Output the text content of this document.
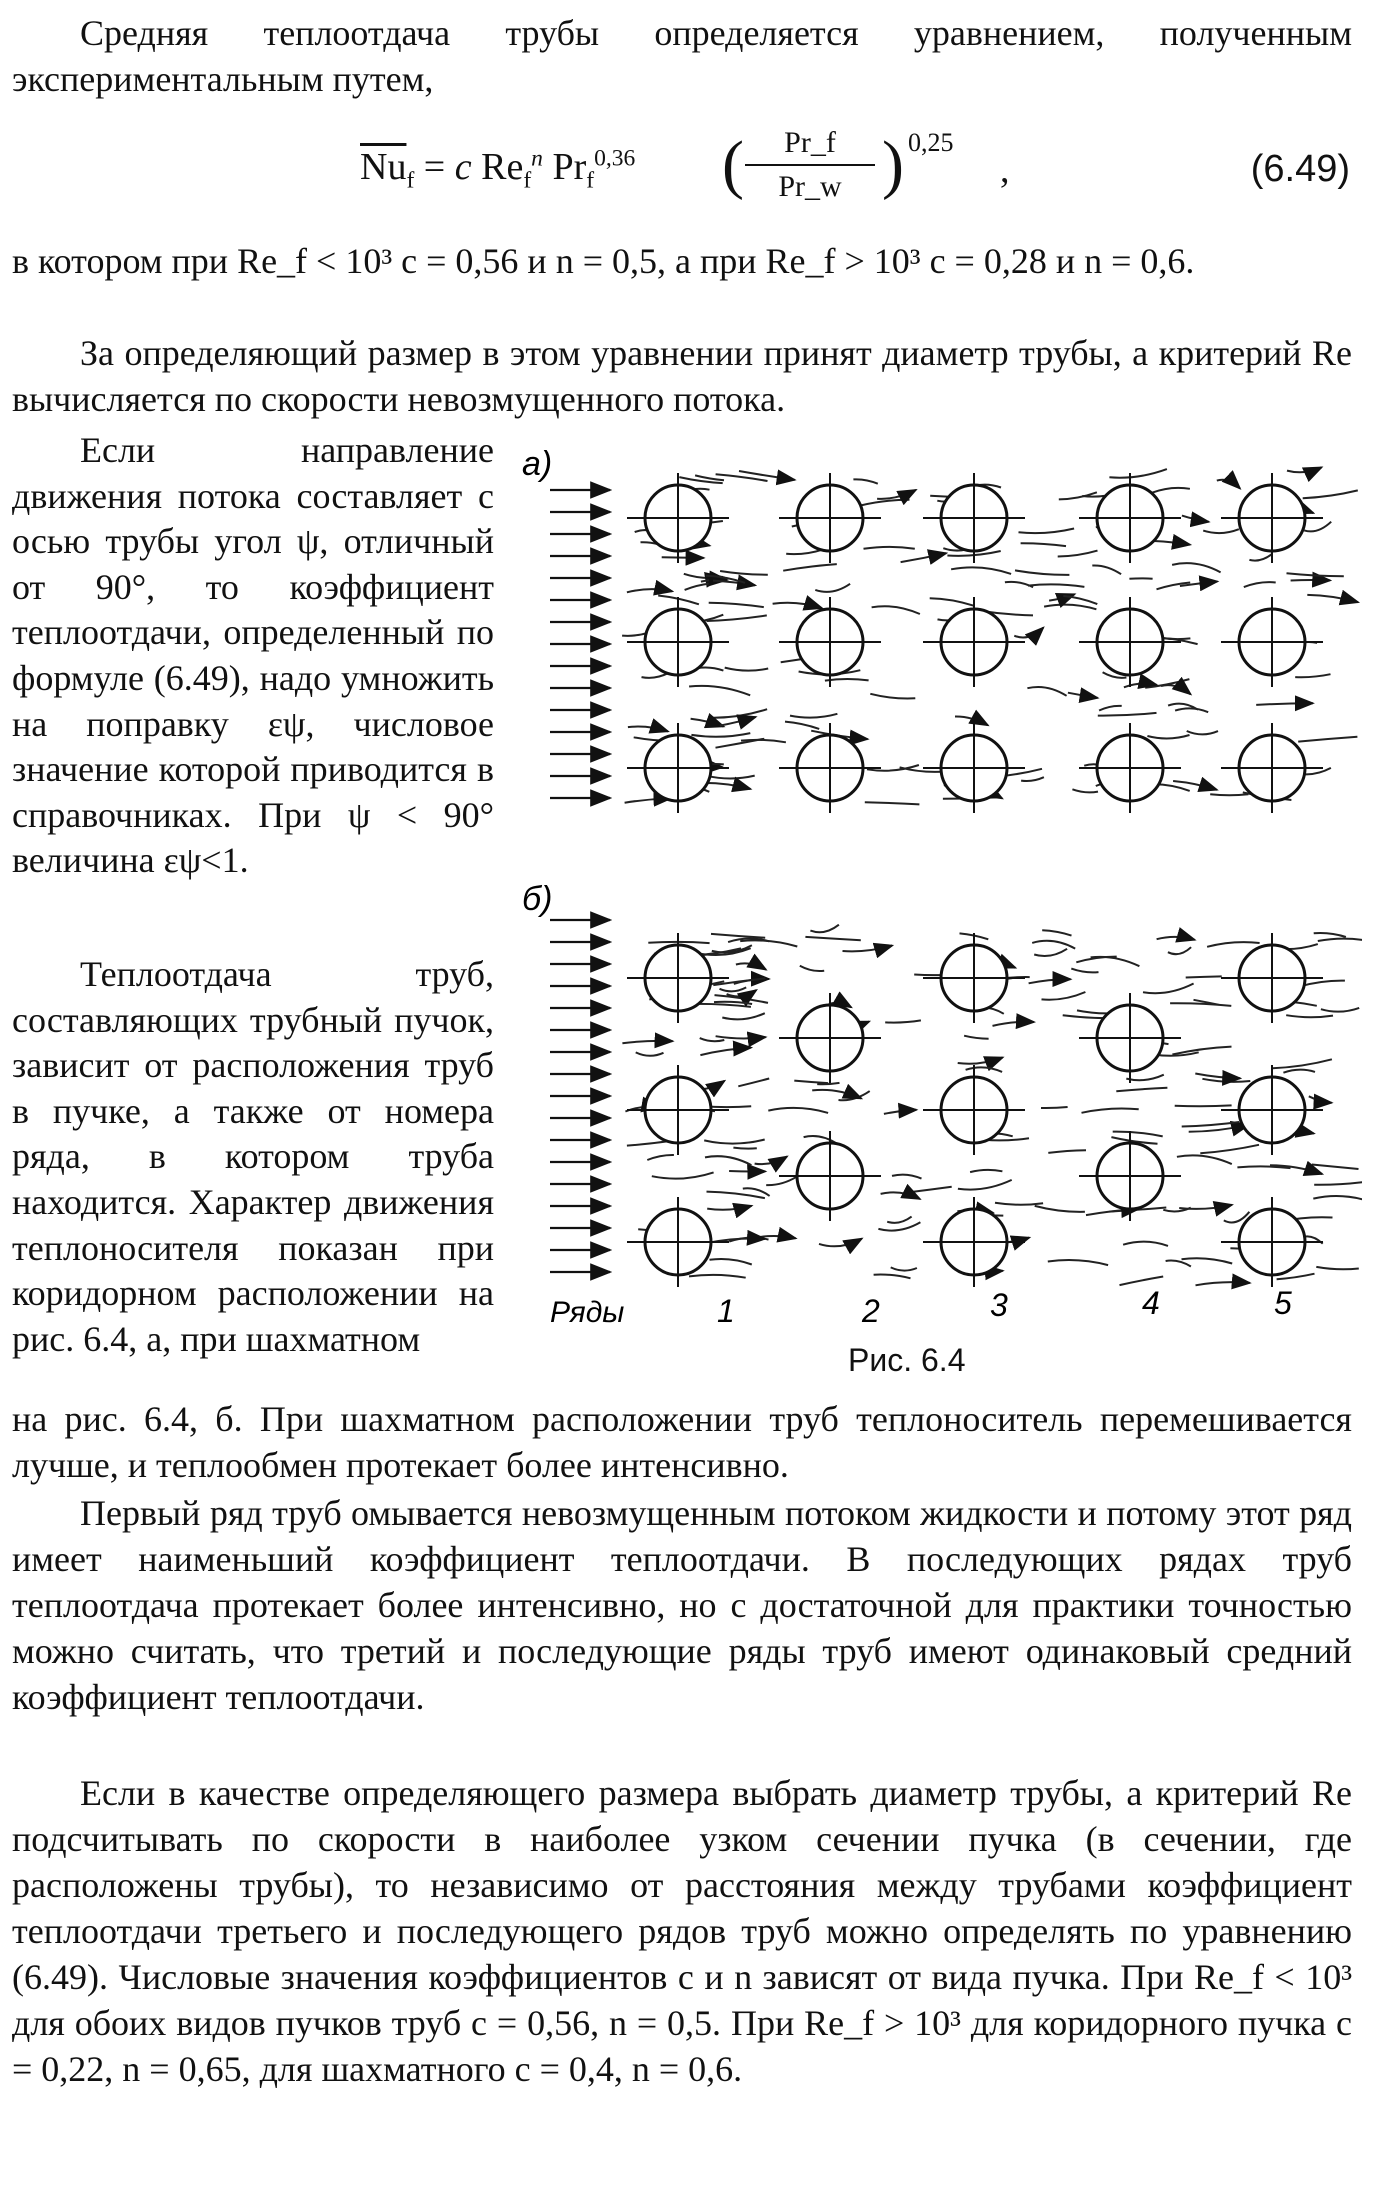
Средняя теплоотдача трубы определяется уравнением, полученным экспериментальным путем,

$\overline{Nu}_f = c$ $Re_f^n$ $Pr_f^{0,36}$ ( $\frac{Pr\_f}{Pr\_w}$ ) 0,25
,	(6.49)

в котором при Re_f < 10³ c = 0,56 и n = 0,5, а при Re_f > 10³ c = 0,28 и n = 0,6.

За определяющий размер в этом уравнении принят диаметр трубы, а критерий Re вычисляется по скорости невозмущенного потока.

Если направление движения потока составляет с осью трубы угол ψ, отличный от 90°, то коэффициент теплоотдачи, определенный по формуле (6.49), надо умножить на поправку εψ, числовое значение которой приводится в справочниках. При ψ < 90° величина εψ<1.

Теплоотдача труб, составляющих трубный пучок, зависит от расположения труб в пучке, а также от номера ряда, в котором труба находится. Характер движения теплоносителя показан при коридорном расположении на рис. 6.4, а, при шахматном

а)
б)
Ряды	1	2	3	4	5
Рис. 6.4

на рис. 6.4, б. При шахматном расположении труб теплоноситель перемешивается лучше, и теплообмен протекает более интенсивно.

Первый ряд труб омывается невозмущенным потоком жидкости и потому этот ряд имеет наименьший коэффициент теплоотдачи. В последующих рядах труб теплоотдача протекает более интенсивно, но с достаточной для практики точностью можно считать, что третий и последующие ряды труб имеют одинаковый средний коэффициент теплоотдачи.

Если в качестве определяющего размера выбрать диаметр трубы, а критерий Re подсчитывать по скорости в наиболее узком сечении пучка (в сечении, где расположены трубы), то независимо от расстояния между трубами коэффициент теплоотдачи третьего и последующего рядов труб можно определять по уравнению (6.49). Числовые значения коэффициентов c и n зависят от вида пучка. При Re_f < 10³ для обоих видов пучков труб c = 0,56, n = 0,5. При Re_f > 10³ для коридорного пучка c = 0,22, n = 0,65, для шахматного c = 0,4, n = 0,6.
